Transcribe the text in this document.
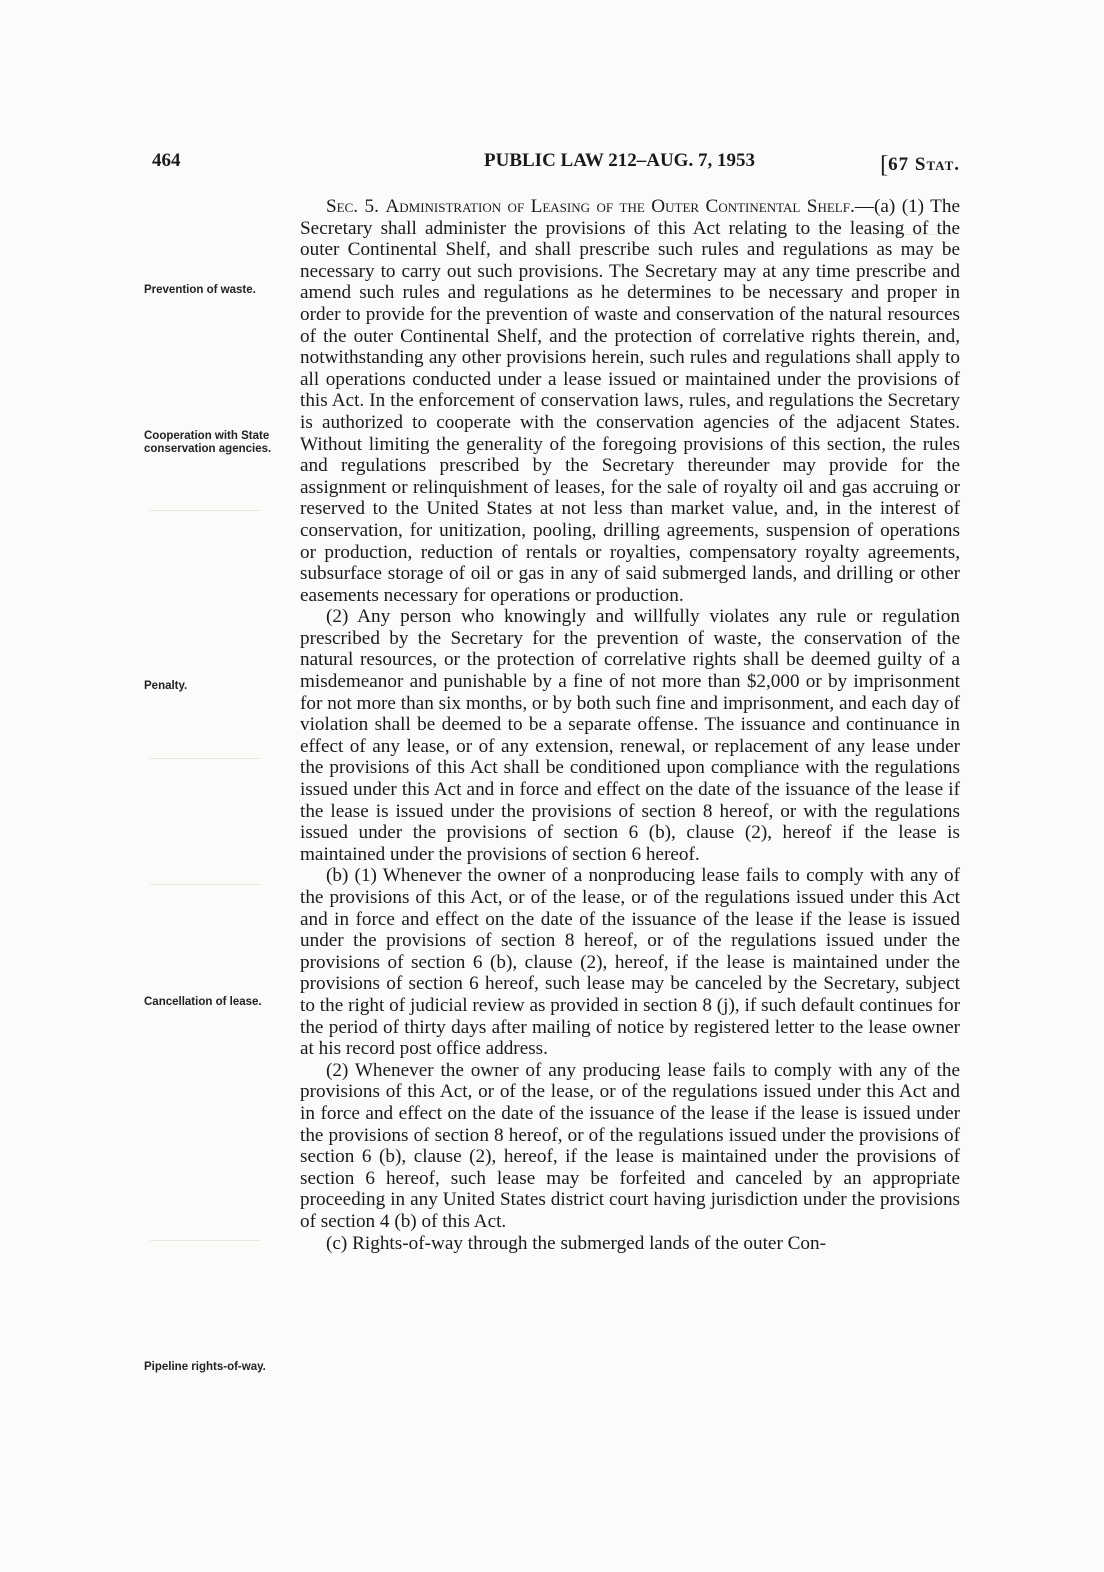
464	PUBLIC LAW 212–AUG. 7, 1953	[67 Stat.
Prevention of waste.
Cooperation with State conservation agencies.
Penalty.
Cancellation of lease.
Pipeline rights-of-way.

Sec. 5. Administration of Leasing of the Outer Continental Shelf.—(a) (1) The Secretary shall administer the provisions of this Act relating to the leasing of the outer Continental Shelf, and shall prescribe such rules and regulations as may be necessary to carry out such provisions. The Secretary may at any time prescribe and amend such rules and regulations as he determines to be necessary and proper in order to provide for the prevention of waste and conservation of the natural resources of the outer Continental Shelf, and the protection of correlative rights therein, and, notwithstanding any other provisions herein, such rules and regulations shall apply to all operations conducted under a lease issued or maintained under the provisions of this Act. In the enforcement of conservation laws, rules, and regulations the Secretary is authorized to cooperate with the conservation agencies of the adjacent States. Without limiting the generality of the foregoing provisions of this section, the rules and regulations prescribed by the Secretary thereunder may provide for the assignment or relinquishment of leases, for the sale of royalty oil and gas accruing or reserved to the United States at not less than market value, and, in the interest of conservation, for unitization, pooling, drilling agreements, suspension of operations or production, reduction of rentals or royalties, compensatory royalty agreements, subsurface storage of oil or gas in any of said submerged lands, and drilling or other easements necessary for operations or production.

(2) Any person who knowingly and willfully violates any rule or regulation prescribed by the Secretary for the prevention of waste, the conservation of the natural resources, or the protection of correlative rights shall be deemed guilty of a misdemeanor and punishable by a fine of not more than $2,000 or by imprisonment for not more than six months, or by both such fine and imprisonment, and each day of violation shall be deemed to be a separate offense. The issuance and continuance in effect of any lease, or of any extension, renewal, or replacement of any lease under the provisions of this Act shall be conditioned upon compliance with the regulations issued under this Act and in force and effect on the date of the issuance of the lease if the lease is issued under the provisions of section 8 hereof, or with the regulations issued under the provisions of section 6 (b), clause (2), hereof if the lease is maintained under the provisions of section 6 hereof.

(b) (1) Whenever the owner of a nonproducing lease fails to comply with any of the provisions of this Act, or of the lease, or of the regulations issued under this Act and in force and effect on the date of the issuance of the lease if the lease is issued under the provisions of section 8 hereof, or of the regulations issued under the provisions of section 6 (b), clause (2), hereof, if the lease is maintained under the provisions of section 6 hereof, such lease may be canceled by the Secretary, subject to the right of judicial review as provided in section 8 (j), if such default continues for the period of thirty days after mailing of notice by registered letter to the lease owner at his record post office address.

(2) Whenever the owner of any producing lease fails to comply with any of the provisions of this Act, or of the lease, or of the regulations issued under this Act and in force and effect on the date of the issuance of the lease if the lease is issued under the provisions of section 8 hereof, or of the regulations issued under the provisions of section 6 (b), clause (2), hereof, if the lease is maintained under the provisions of section 6 hereof, such lease may be forfeited and canceled by an appropriate proceeding in any United States district court having jurisdiction under the provisions of section 4 (b) of this Act.

(c) Rights-of-way through the submerged lands of the outer Con-
